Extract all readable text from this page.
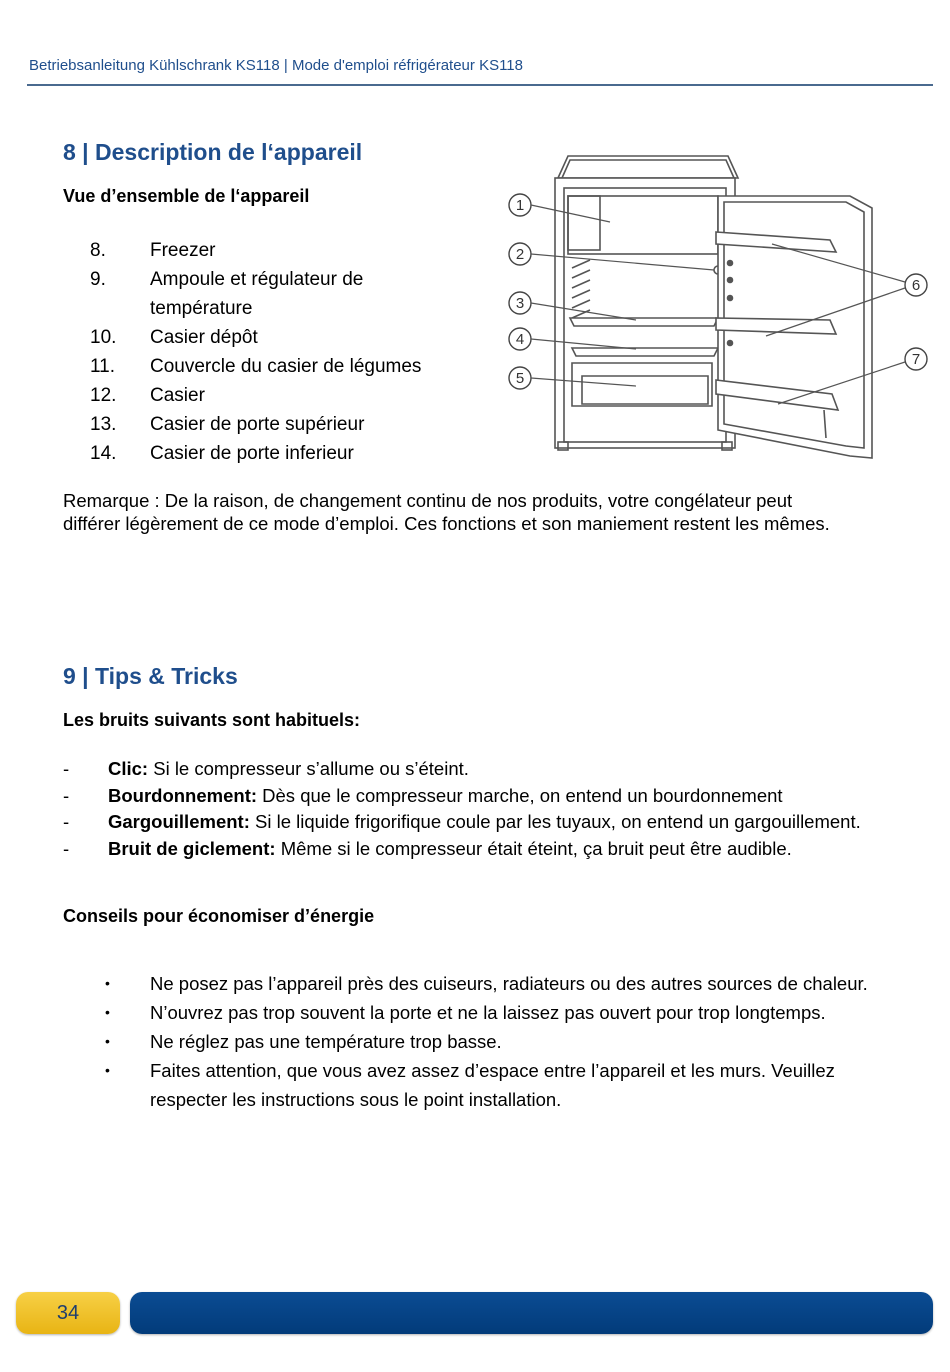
Betriebsanleitung Kühlschrank KS118 | Mode d'emploi réfrigérateur KS118
8 | Description de l‘appareil
Vue d’ensemble de l‘appareil
8.	Freezer
9.	Ampoule et régulateur de température
10.	Casier dépôt
11.	Couvercle du casier de légumes
12.	Casier
13.	Casier de porte supérieur
14.	Casier de porte inferieur
1
2
3
4
5
6
7
Remarque : De la raison, de changement continu de nos produits, votre congélateur peut différer légèrement de ce mode d’emploi. Ces fonctions et son maniement restent les mêmes.
9 | Tips & Tricks
Les bruits suivants sont habituels:
-	Clic: Si le compresseur s’allume ou s’éteint.
-	Bourdonnement: Dès que le compresseur marche, on entend un bourdonnement
-	Gargouillement: Si le liquide frigorifique coule par les tuyaux, on entend un gargouillement.
-	Bruit de giclement: Même si le compresseur était éteint, ça bruit peut être audible.
Conseils pour économiser d’énergie
•	Ne posez pas l’appareil près des cuiseurs, radiateurs ou des autres sources de chaleur.
•	N’ouvrez pas trop souvent la porte et ne la laissez pas ouvert pour trop longtemps.
•	Ne réglez pas une température trop basse.
•	Faites attention, que vous avez assez d’espace entre l’appareil et les murs. Veuillez respecter les instructions sous le point installation.
34
